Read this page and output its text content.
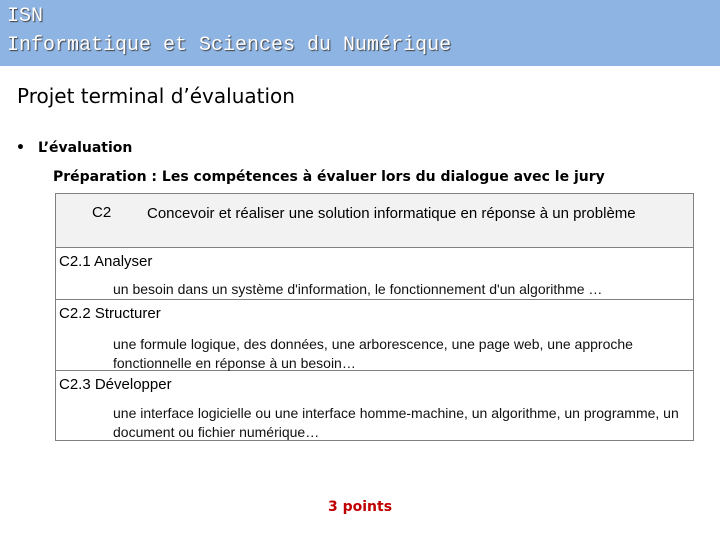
ISN
Informatique et Sciences du Numérique
Projet terminal d’évaluation
• L’évaluation
Préparation : Les compétences à évaluer lors du dialogue avec le jury
C2 Concevoir et réaliser une solution informatique en réponse à un problème
C2.1 Analyser
un besoin dans un système d'information, le fonctionnement d'un algorithme …
C2.2 Structurer
une formule logique, des données, une arborescence, une page web, une approche fonctionnelle en réponse à un besoin…
C2.3 Développer
une interface logicielle ou une interface homme-machine, un algorithme, un programme, un document ou fichier numérique…
3 points
